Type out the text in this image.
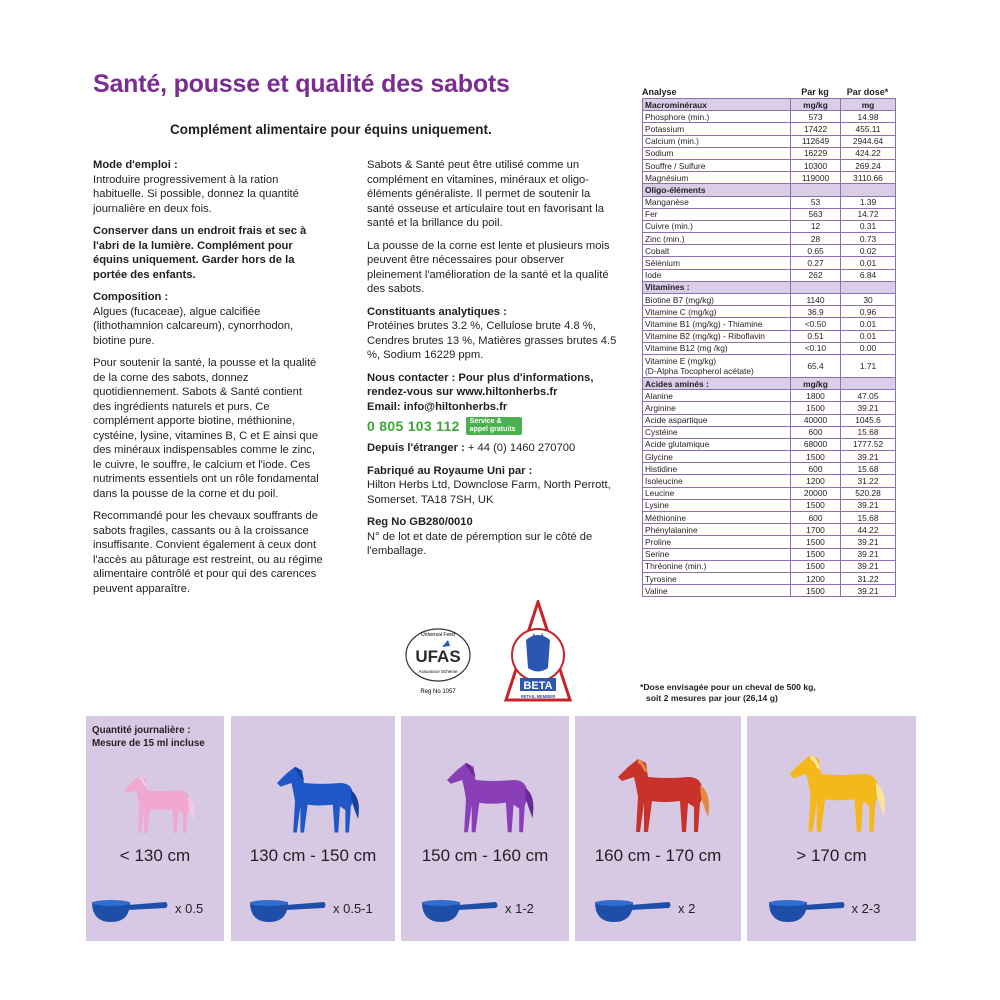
Santé, pousse et qualité des sabots
Complément alimentaire pour équins uniquement.

Mode d'emploi :
Introduire progressivement à la ration habituelle. Si possible, donnez la quantité journalière en deux fois.

Conserver dans un endroit frais et sec à l'abri de la lumière. Complément pour équins uniquement. Garder hors de la portée des enfants.

Composition :
Algues (fucaceae), algue calcifiée (lithothamnion calcareum), cynorrhodon, biotine pure.

Pour soutenir la santé, la pousse et la qualité de la corne des sabots, donnez quotidiennement. Sabots & Santé contient des ingrédients naturels et purs. Ce complément apporte biotine, méthionine, cystéine, lysine, vitamines B, C et E ainsi que des minéraux indispensables comme le zinc, le cuivre, le souffre, le calcium et l'iode. Ces nutriments essentiels ont un rôle fondamental dans la pousse de la corne et du poil.

Recommandé pour les chevaux souffrants de sabots fragiles, cassants ou à la croissance insuffisante. Convient également à ceux dont l'accès au pâturage est restreint, ou au régime alimentaire contrôlé et pour qui des carences peuvent apparaître.

Sabots & Santé peut être utilisé comme un complément en vitamines, minéraux et oligo-éléments généraliste. Il permet de soutenir la santé osseuse et articulaire tout en favorisant la santé et la brillance du poil.

La pousse de la corne est lente et plusieurs mois peuvent être nécessaires pour observer pleinement l'amélioration de la santé et la qualité des sabots.

Constituants analytiques :
Protéines brutes 3.2 %, Cellulose brute 4.8 %, Cendres brutes 13 %, Matières grasses brutes 4.5 %, Sodium 16229 ppm.

Nous contacter : Pour plus d'informations, rendez-vous sur www.hiltonherbs.fr
Email: info@hiltonherbs.fr

0 805 103 112	Service & appel gratuits

Depuis l'étranger : + 44 (0) 1460 270700

Fabriqué au Royaume Uni par :
Hilton Herbs Ltd, Downclose Farm, North Perrott, Somerset. TA18 7SH, UK

Reg No GB280/0010
N° de lot et date de péremption sur le côté de l'emballage.

Universal Feed
UFAS
Assurance Scheme
Reg No 1057	BETA
RETAIL MEMBER
Analyse	Par kg	Par dose*
Macrominéraux	mg/kg	mg
Phosphore (min.)	573	14.98
Potassium	17422	455.11
Calcium (min.)	112649	2944.64
Sodium	16229	424.22
Souffre / Sulfure	10300	269.24
Magnésium	119000	3110.66
Oligo-éléments		
Manganèse	53	1.39
Fer	563	14.72
Cuivre (min.)	12	0.31
Zinc (min.)	28	0.73
Cobalt	0.65	0.02
Sélénium	0.27	0.01
Iode	262	6.84
Vitamines :		
Biotine B7 (mg/kg)	1140	30
Vitamine C (mg/kg)	36.9	0.96
Vitamine B1 (mg/kg) - Thiamine	<0.50	0.01
Vitamine B2 (mg/kg) - Riboflavin	0.51	0.01
Vitamine B12 (mg /kg)	<0.10	0.00

Vitamine E (mg/kg)
(D-Alpha Tocopherol acétate)	65.4	1.71
Acides aminés :	mg/kg	
Alanine	1800	47.05
Arginine	1500	39.21
Acide aspartique	40000	1045.6
Cystéine	600	15.68
Acide glutamique	68000	1777.52
Glycine	1500	39.21
Histidine	600	15.68
Isoleucine	1200	31.22
Leucine	20000	520.28
Lysine	1500	39.21
Méthionine	600	15.68
Phénylalanine	1700	44.22
Proline	1500	39.21
Serine	1500	39.21
Thréonine (min.)	1500	39.21
Tyrosine	1200	31.22
Valine	1500	39.21
*Dose envisagée pour un cheval de 500 kg,
soit 2 mesures par jour (26,14 g)
Quantité journalière :
Mesure de 15 ml incluse
< 130 cm
x 0.5
130 cm - 150 cm
x 0.5-1
150 cm - 160 cm
x 1-2
160 cm - 170 cm
x 2
> 170 cm
x 2-3
